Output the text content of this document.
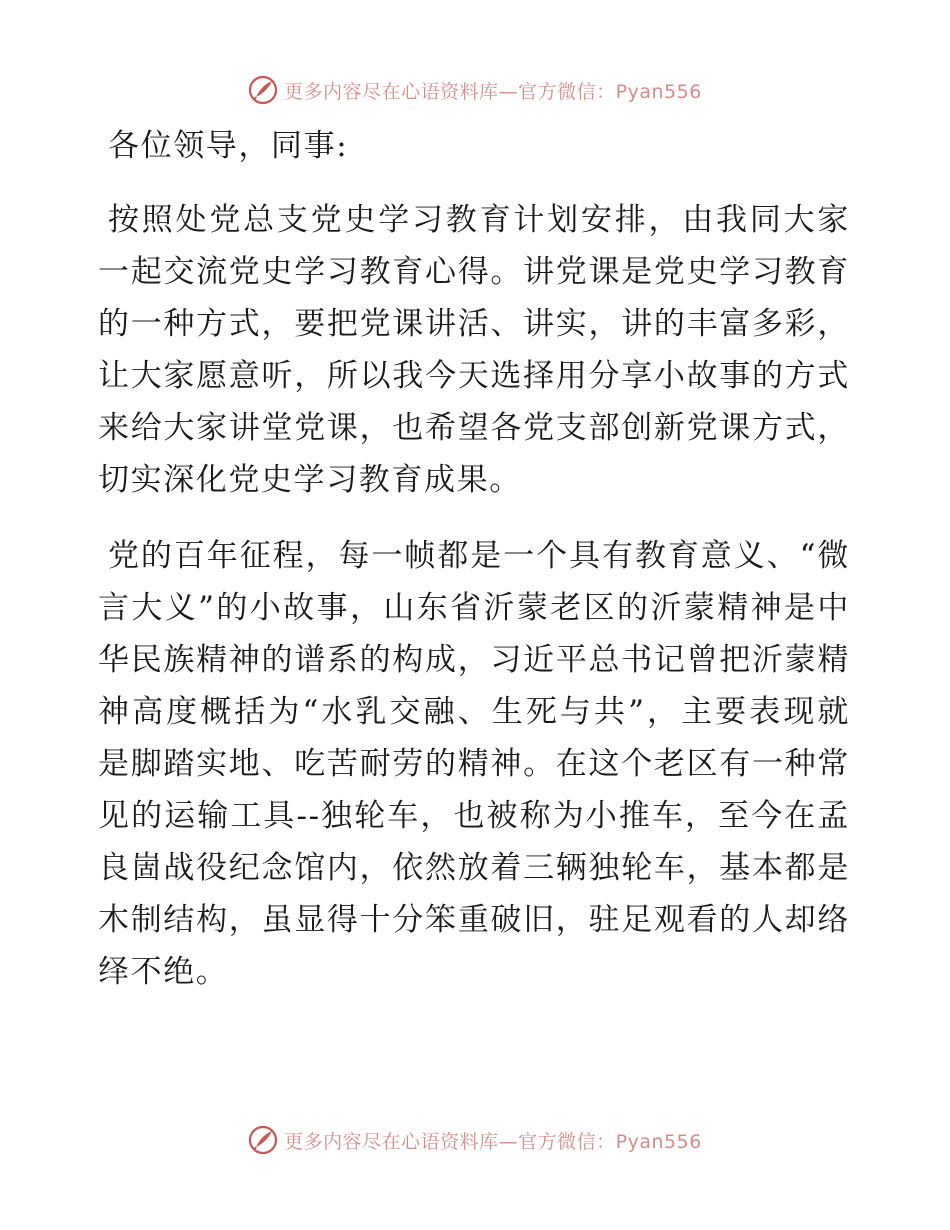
更多内容尽在心语资料库—官方微信：Pyan556

各位领导，同事:

按照处党总支党史学习教育计划安排，由我同大家一起交流党史学习教育心得。讲党课是党史学习教育的一种方式，要把党课讲活、讲实，讲的丰富多彩，让大家愿意听，所以我今天选择用分享小故事的方式来给大家讲堂党课，也希望各党支部创新党课方式，切实深化党史学习教育成果。

党的百年征程，每一帧都是一个具有教育意义、“微言大义”的小故事，山东省沂蒙老区的沂蒙精神是中华民族精神的谱系的构成，习近平总书记曾把沂蒙精神高度概括为“水乳交融、生死与共”，主要表现就是脚踏实地、吃苦耐劳的精神。在这个老区有一种常见的运输工具--独轮车，也被称为小推车，至今在孟良崮战役纪念馆内，依然放着三辆独轮车，基本都是木制结构，虽显得十分笨重破旧，驻足观看的人却络绎不绝。

更多内容尽在心语资料库—官方微信：Pyan556
